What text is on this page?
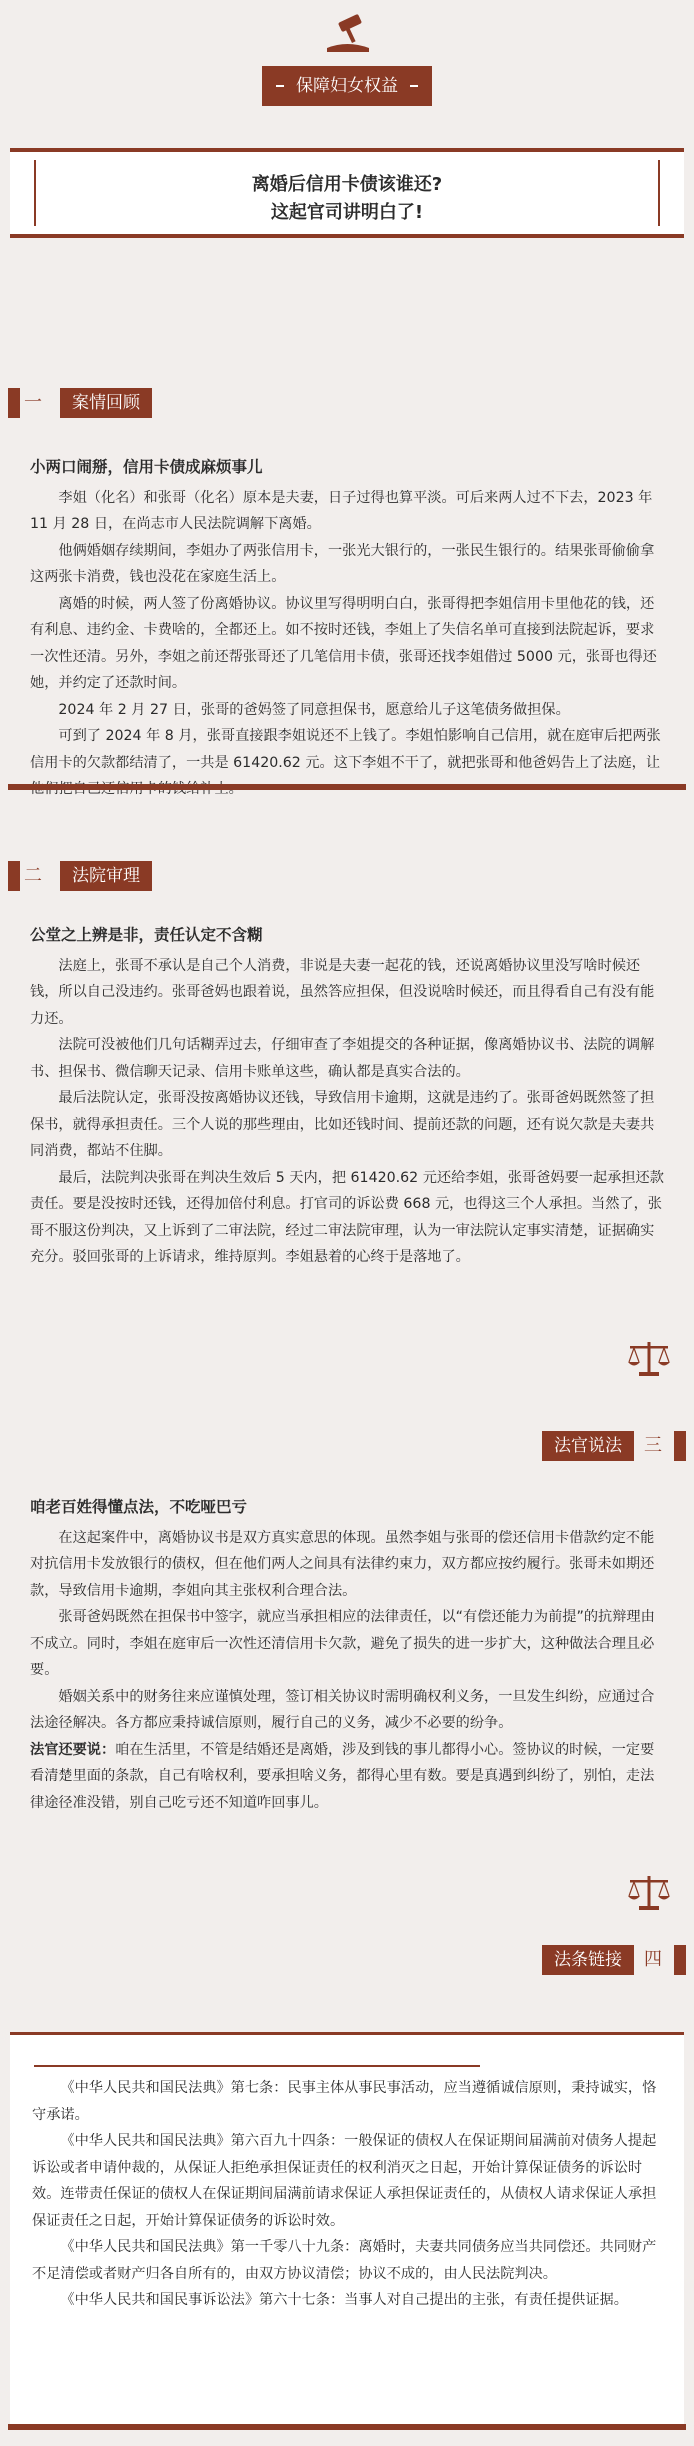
保障妇女权益
离婚后信用卡债该谁还?
这起官司讲明白了!
一	案情回顾
小两口闹掰，信用卡债成麻烦事儿

李姐（化名）和张哥（化名）原本是夫妻，日子过得也算平淡。可后来两人过不下去，2023 年 11 月 28 日，在尚志市人民法院调解下离婚。

他俩婚姻存续期间，李姐办了两张信用卡，一张光大银行的，一张民生银行的。结果张哥偷偷拿这两张卡消费，钱也没花在家庭生活上。

离婚的时候，两人签了份离婚协议。协议里写得明明白白，张哥得把李姐信用卡里他花的钱，还有利息、违约金、卡费啥的，全都还上。如不按时还钱，李姐上了失信名单可直接到法院起诉，要求一次性还清。另外，李姐之前还帮张哥还了几笔信用卡债，张哥还找李姐借过 5000 元，张哥也得还她，并约定了还款时间。

2024 年 2 月 27 日，张哥的爸妈签了同意担保书，愿意给儿子这笔债务做担保。

可到了 2024 年 8 月，张哥直接跟李姐说还不上钱了。李姐怕影响自己信用，就在庭审后把两张信用卡的欠款都结清了，一共是 61420.62 元。这下李姐不干了，就把张哥和他爸妈告上了法庭，让

二	法院审理
公堂之上辨是非，责任认定不含糊

法庭上，张哥不承认是自己个人消费，非说是夫妻一起花的钱，还说离婚协议里没写啥时候还钱，所以自己没违约。张哥爸妈也跟着说，虽然答应担保，但没说啥时候还，而且得看自己有没有能力还。

法院可没被他们几句话糊弄过去，仔细审查了李姐提交的各种证据，像离婚协议书、法院的调解书、担保书、微信聊天记录、信用卡账单这些，确认都是真实合法的。

最后法院认定，张哥没按离婚协议还钱，导致信用卡逾期，这就是违约了。张哥爸妈既然签了担保书，就得承担责任。三个人说的那些理由，比如还钱时间、提前还款的问题，还有说欠款是夫妻共同消费，都站不住脚。

最后，法院判决张哥在判决生效后 5 天内，把 61420.62 元还给李姐，张哥爸妈要一起承担还款责任。要是没按时还钱，还得加倍付利息。打官司的诉讼费 668 元，也得这三个人承担。当然了，张哥不服这份判决，又上诉到了二审法院，经过二审法院审理，认为一审法院认定事实清楚，证据确实充分。驳回张哥的上诉请求，维持原判。李姐悬着的心终于是落地了。

法官说法	三
咱老百姓得懂点法，不吃哑巴亏

在这起案件中，离婚协议书是双方真实意思的体现。虽然李姐与张哥的偿还信用卡借款约定不能对抗信用卡发放银行的债权，但在他们两人之间具有法律约束力，双方都应按约履行。张哥未如期还款，导致信用卡逾期，李姐向其主张权利合理合法。

张哥爸妈既然在担保书中签字，就应当承担相应的法律责任，以“有偿还能力为前提”的抗辩理由不成立。同时，李姐在庭审后一次性还清信用卡欠款，避免了损失的进一步扩大，这种做法合理且必要。

婚姻关系中的财务往来应谨慎处理，签订相关协议时需明确权利义务，一旦发生纠纷，应通过合法途径解决。各方都应秉持诚信原则，履行自己的义务，减少不必要的纷争。

法官还要说：咱在生活里，不管是结婚还是离婚，涉及到钱的事儿都得小心。签协议的时候，一定要看清楚里面的条款，自己有啥权利，要承担啥义务，都得心里有数。要是真遇到纠纷了，别怕，走法律途径准没错，别自己吃亏还不知道咋回事儿。

法条链接	四

《中华人民共和国民法典》第七条：民事主体从事民事活动，应当遵循诚信原则，秉持诚实，恪守承诺。

《中华人民共和国民法典》第六百九十四条：一般保证的债权人在保证期间届满前对债务人提起诉讼或者申请仲裁的，从保证人拒绝承担保证责任的权利消灭之日起，开始计算保证债务的诉讼时效。连带责任保证的债权人在保证期间届满前请求保证人承担保证责任的，从债权人请求保证人承担保证责任之日起，开始计算保证债务的诉讼时效。

《中华人民共和国民法典》第一千零八十九条：离婚时，夫妻共同债务应当共同偿还。共同财产不足清偿或者财产归各自所有的，由双方协议清偿；协议不成的，由人民法院判决。

《中华人民共和国民事诉讼法》第六十七条：当事人对自己提出的主张，有责任提供证据。
